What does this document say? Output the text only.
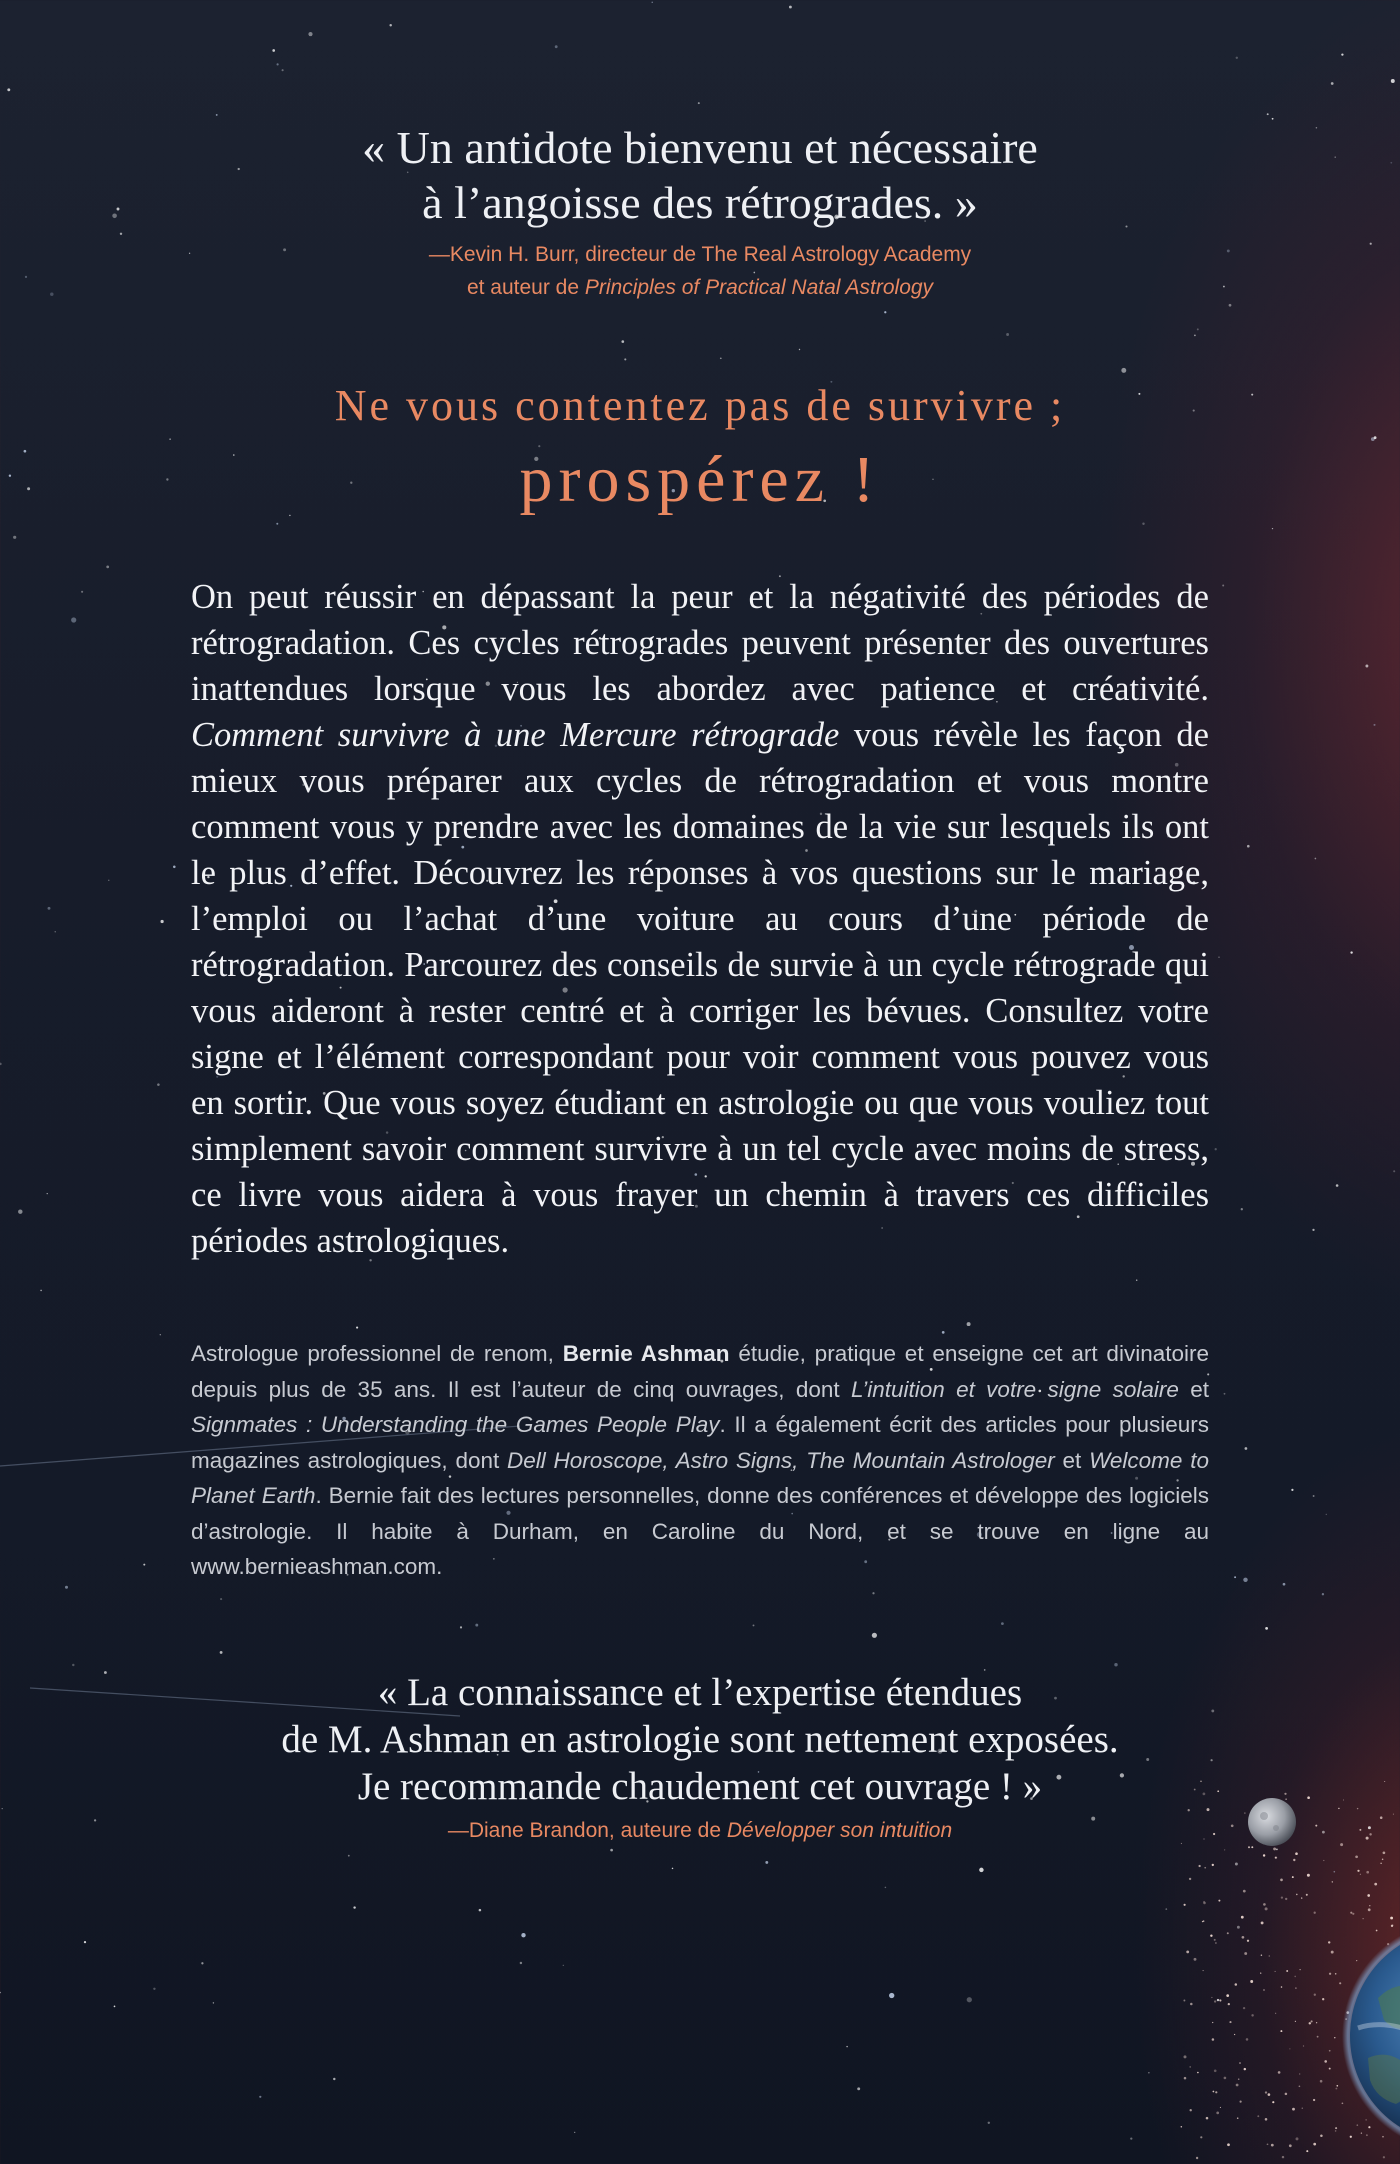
« Un antidote bienvenu et nécessaire
à l’angoisse des rétrogrades. »

—Kevin H. Burr, directeur de The Real Astrology Academy
et auteur de Principles of Practical Natal Astrology

Ne vous contentez pas de survivre ;

prospérez !

On peut réussir en dépassant la peur et la négativité des périodes de rétrogradation. Ces cycles rétrogrades peuvent présenter des ouvertures inattendues lorsque vous les abordez avec patience et créativité. Comment survivre à une Mercure rétrograde vous révèle les façon de mieux vous préparer aux cycles de rétrogradation et vous montre comment vous y prendre avec les domaines de la vie sur lesquels ils ont le plus d’effet. Découvrez les réponses à vos questions sur le mariage, l’emploi ou l’achat d’une voiture au cours d’une période de rétrogradation. Parcourez des conseils de survie à un cycle rétrograde qui vous aideront à rester centré et à corriger les bévues. Consultez votre signe et l’élément correspondant pour voir comment vous pouvez vous en sortir. Que vous soyez étudiant en astrologie ou que vous vouliez tout simplement savoir comment survivre à un tel cycle avec moins de stress, ce livre vous aidera à vous frayer un chemin à travers ces difficiles périodes astrologiques.

Astrologue professionnel de renom, Bernie Ashman étudie, pratique et enseigne cet art divinatoire depuis plus de 35 ans. Il est l’auteur de cinq ouvrages, dont L’intuition et votre signe solaire et Signmates : Understanding the Games People Play. Il a également écrit des articles pour plusieurs magazines astrologiques, dont Dell Horoscope, Astro Signs, The Mountain Astrologer et Welcome to Planet Earth. Bernie fait des lectures personnelles, donne des conférences et développe des logiciels d’astrologie. Il habite à Durham, en Caroline du Nord, et se trouve en ligne au www.bernieashman.com.

« La connaissance et l’expertise étendues
de M. Ashman en astrologie sont nettement exposées.
Je recommande chaudement cet ouvrage ! »

—Diane Brandon, auteure de Développer son intuition
